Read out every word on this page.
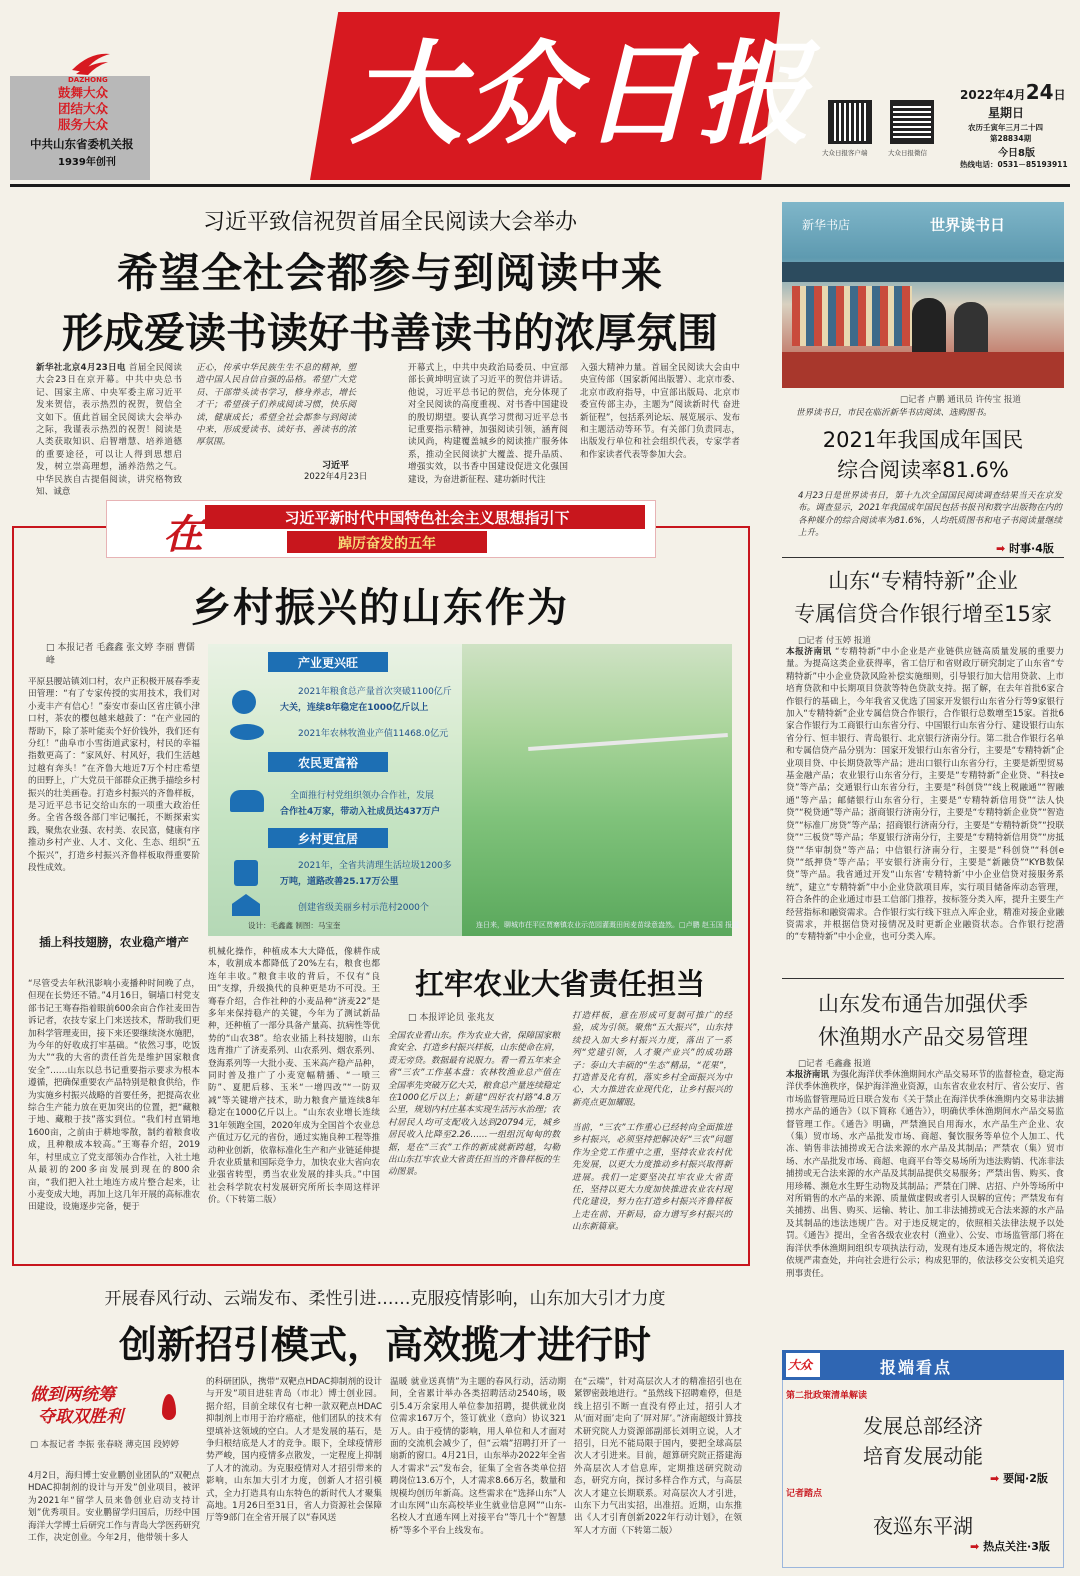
DAZHONG
鼓舞大众
团结大众
服务大众
中共山东省委机关报
1939年创刊
大众日报 大众日报客户端	大众日报微信
2022年4月24日
星期日
农历壬寅年三月二十四
第28834期
今日8版
热线电话：0531－85193911
习近平致信祝贺首届全民阅读大会举办
希望全社会都参与到阅读中来
形成爱读书读好书善读书的浓厚氛围
新华社北京4月23日电 首届全民阅读大会23日在京开幕。中共中央总书记、国家主席、中央军委主席习近平发来贺信，表示热烈的祝贺，贺信全文如下。值此首届全民阅读大会举办之际，我谨表示热烈的祝贺！阅读是人类获取知识、启智增慧、培养道德的重要途径，可以让人得到思想启发，树立崇高理想，涵养浩然之气。中华民族自古提倡阅读，讲究格物致知、诚意
正心，传承中华民族生生不息的精神，塑造中国人民自信自强的品格。希望广大党员、干部带头读书学习，修身养志，增长才干；希望孩子们养成阅读习惯，快乐阅读，健康成长；希望全社会都参与到阅读中来，形成爱读书、读好书、善读书的浓厚氛围。
习近平
2022年4月23日
开幕式上，中共中央政治局委员、中宣部部长黄坤明宣读了习近平的贺信并讲话。他说，习近平总书记的贺信，充分体现了对全民阅读的高度重视、对书香中国建设的殷切期望。要认真学习贯彻习近平总书记重要指示精神，加强阅读引领，涵育阅读风尚，构建覆盖城乡的阅读推广服务体系，推动全民阅读扩大覆盖、提升品质、增强实效，以书香中国建设促进文化强国建设，为奋进新征程、建功新时代注
入强大精神力量。首届全民阅读大会由中央宣传部（国家新闻出版署）、北京市委、北京市政府指导，中宣部出版局、北京市委宣传部主办，主题为“阅读新时代 奋进新征程”，包括系列论坛、展览展示、发布和主题活动等环节。有关部门负责同志，出版发行单位和社会组织代表，专家学者和作家读者代表等参加大会。
世界读书日
新华书店
□记者 卢鹏 通讯员 许传宝 报道
世界读书日，市民在临沂新华书店阅读、选购图书。
2021年我国成年国民
综合阅读率81.6%
4月23日是世界读书日，第十九次全国国民阅读调查结果当天在京发布。调查显示，2021年我国成年国民包括书报刊和数字出版物在内的各种媒介的综合阅读率为81.6%，人均纸质图书和电子书阅读量继续上升。
➡ 时事·4版
在	习近平新时代中国特色社会主义思想指引下
踔厉奋发的五年
乡村振兴的山东作为
□ 本报记者 毛鑫鑫 张文婷 李丽 曹儒峰
平原县腰站镇刘口村，农户正积极开展春季麦田管理：“有了专家传授的实用技术，我们对小麦丰产有信心！”泰安市泰山区省庄镇小津口村，茶农的樱包越来越鼓了：“在产业园的帮助下，除了茶叶能卖个好价钱外，我们还有分红！”曲阜市小雪街道武家村，村民的幸福指数更高了：“家风好、村风好，我们生活越过越有奔头！”在齐鲁大地近7万个村庄希望的田野上，广大党员干部群众正携手描绘乡村振兴的壮美画卷。打造乡村振兴的齐鲁样板，是习近平总书记交给山东的一项重大政治任务。全省各级各部门牢记嘱托，不断探索实践，聚焦农业强、农村美、农民富，健康有序推动乡村产业、人才、文化、生态、组织“五个振兴”，打造乡村振兴齐鲁样板取得重要阶段性成效。
插上科技翅膀，农业稳产增产
“尽管受去年秋汛影响小麦播种时间晚了点，但现在长势还不错。”4月16日，铜墙口村党支部书记王骞春指着眼前600余亩合作社麦田告诉记者，农技专家上门来送技术，帮助我们更加科学管理麦田，接下来还要继续浇水施肥，为今年的好收成打牢基础。“依然习事，吃饭为大”“我的大省的责任首先是维护国家粮食安全”……山东以总书记重要指示要求为根本遵循，把确保重要农产品特别是粮食供给，作为实施乡村振兴战略的首要任务，把提高农业综合生产能力放在更加突出的位置，把“藏粮于地、藏粮于技”落实到位。“我们村直销地1600亩，之前由于耕地零散，制约着粮食收成，且种粮成本较高。”王骞春介绍，2019年，村里成立了党支部领办合作社，入社土地从最初的200多亩发展到现在的800余亩，“我们把入社土地连方成片整合起来，让小麦变成大地，再加上这几年开展的高标准农田建设，设施逐步完备，便于
机械化操作，种植成本大大降低，像耕作成本，收割成本都降低了20%左右，粮食也都连年丰收。”粮食丰收的背后，不仅有“良田”支撑，升级换代的良种更是功不可没。王骞春介绍，合作社种的小麦品种“济麦22”是多年来保持稳产的关键，今年为了测试新品种，还种植了一部分具备产量高、抗病性等优势的“山农38”。给农业插上科技翅膀，山东选育推广了济麦系列、山农系列、烟农系列、登海系列等一大批小麦、玉米高产稳产品种，同时普及推广了小麦宽幅精播、“一喷三防”、夏肥后移、玉米“一增四改”“一防双减”等关键增产技术，助力粮食产量连续8年稳定在1000亿斤以上。“山东农业增长连续31年领跑全国，2020年成为全国首个农业总产值过万亿元的省份，通过实施良种工程等推动种业创新，依靠标准化生产和产业链延伸提升农业质量和国际竞争力，加快农业大省向农业强省转型，勇当农业发展的排头兵。”中国社会科学院农村发展研究所所长李周这样评价。（下转第二版）
产业更兴旺
2021年粮食总产量首次突破1100亿斤
大关，连续8年稳定在1000亿斤以上
2021年农林牧渔业产值11468.0亿元
农民更富裕
全面推行村党组织领办合作社，发展
合作社4万家，带动入社成员达437万户
乡村更宜居
2021年，全省共清理生活垃圾1200多
万吨，道路改善25.17万公里
创建省级美丽乡村示范村2000个
设计：毛鑫鑫 制图：马宝奎	连日来，聊城市茌平区贾寨镇农业示范园灌溉田间麦苗绿意盎然。□卢鹏 赵玉国 报道
扛牢农业大省责任担当
□ 本报评论员 张兆友
全国农业看山东。作为农业大省，保障国家粮食安全、打造乡村振兴样板，山东使命在肩，责无旁贷。数据最有说服力。看一看五年来全省“三农”工作基本盘：农林牧渔业总产值在全国率先突破万亿大关，粮食总产量连续稳定在1000亿斤以上；新建“四好农村路”4.8万公里，规划内村庄基本实现生活污水治理；农村居民人均可支配收入达到20794元，城乡居民收入比降至2.26……一组组沉甸甸的数据，是在“三农”工作的新成就新跨越，勾勒出山东扛牢农业大省责任担当的齐鲁样板的生动图景。
打造样板，意在形成可复制可推广的经验，成为引领。聚焦“五大振兴”，山东持续投入加大乡村振兴力度，落出了一系列“党建引领，人才聚产业兴”的成功路子：泰山大丰硕的“生态”精品，“花果”，打造普及化有机，落实乡村全面振兴为中心，大力推进农业现代化，让乡村振兴的新亮点更加耀眼。
当前，“三农”工作重心已经转向全面推进乡村振兴，必须坚持把解决好“三农”问题作为全党工作重中之重，坚持农业农村优先发展，以更大力度推动乡村振兴取得新进展。我们一定要坚决扛牢农业大省责任，坚持以更大力度加快推进农业农村现代化建设，努力在打造乡村振兴齐鲁样板上走在前、开新局，奋力谱写乡村振兴的山东新篇章。
山东“专精特新”企业
专属信贷合作银行增至15家
□记者 付玉婷 报道
本报济南讯 “专精特新”中小企业是产业链供应链高质量发展的重要力量。为提高这类企业获得率，省工信厅和省财政厅研究制定了山东省“专精特新”中小企业贷款风险补偿实施细则，引导银行加大信用贷款、上市培育贷款和中长期项目贷款等特色贷款支持。据了解，在去年首批6家合作银行的基础上，今年我省又优选了国家开发银行山东省分行等9家银行加入“专精特新”企业专属信贷合作银行，合作银行总数增至15家。首批6家合作银行为工商银行山东省分行、中国银行山东省分行、建设银行山东省分行、恒丰银行、青岛银行、北京银行济南分行。第二批合作银行名单和专属信贷产品分别为：国家开发银行山东省分行，主要是“专精特新”企业项目贷、中长期贷款等产品；进出口银行山东省分行，主要是新型贸易基金融产品；农业银行山东省分行，主要是“专精特新”企业贷、“科技e贷”等产品；交通银行山东省分行，主要是“科创贷”“线上税融通”“智融通”等产品；邮储银行山东省分行，主要是“专精特新信用贷”“法人快贷”“税贷通”等产品；浙商银行济南分行，主要是“专精特新企业贷”“智造贷”“标准厂房贷”等产品；招商银行济南分行，主要是“专精特新贷”“投联贷”“三板贷”等产品；华夏银行济南分行，主要是“专精特新信用贷”“房抵贷”“华审制贷”等产品；中信银行济南分行，主要是“科创贷”“科创e贷”“纸押贷”等产品；平安银行济南分行，主要是“新融贷”“KYB数保贷”等产品。我省通过开发“山东省‘专精特新’中小企业信贷对接服务系统”，建立“专精特新”中小企业贷款项目库，实行项目储备库动态管理，符合条件的企业通过市县工信部门推荐，按标签分类入库，提升主要生产经营指标和融资需求。合作银行实行线下驻点入库企业，精准对接企业融资需求，并根据信贷对接情况及时更新企业融资状态。合作银行挖潜的“专精特新”中小企业，也可分类入库。
山东发布通告加强伏季
休渔期水产品交易管理
□记者 毛鑫鑫 报道
本报济南讯 为强化海洋伏季休渔期间水产品交易环节的监督检查，稳定海洋伏季休渔秩序，保护海洋渔业资源，山东省农业农村厅、省公安厅、省市场监督管理局近日联合发布《关于禁止在海洋伏季休渔期内交易非法捕捞水产品的通告》（以下简称《通告》），明确伏季休渔期间水产品交易监督管理工作。《通告》明确，严禁渔民自用海水，水产品生产企业、农（集）贸市场、水产品批发市场、商超、餐饮服务等单位个人加工、代冻、销售非法捕捞或无合法来源的水产品及其制品；严禁农（集）贸市场、水产品批发市场、商超、电商平台等交易场所为违法购销、代冻非法捕捞或无合法来源的水产品及其制品提供交易服务；严禁出售、购买、食用珍稀、濒危水生野生动物及其制品；严禁在门牌、店招、户外等场所中对所销售的水产品的来源、质量做虚假或者引人误解的宣传；严禁发布有关捕捞、出售、购买、运输、转让、加工非法捕捞或无合法来源的水产品及其制品的违法违规广告。对于违反规定的，依照相关法律法规予以处罚。《通告》提出，全省各级农业农村（渔业）、公安、市场监管部门将在海洋伏季休渔期间组织专项执法行动，发现有违反本通告规定的，将依法依规严肃查处，并向社会进行公示；构成犯罪的，依法移交公安机关追究刑事责任。
开展春风行动、云端发布、柔性引进……克服疫情影响，山东加大引才力度
创新招引模式，高效揽才进行时
做到两统筹
夺取双胜利
□ 本报记者 李振 张春晓 薄克国 段婷婷
4月2日，海归博士安业鹏创业团队的“双靶点HDAC抑制剂的设计与开发”创业项目，被评为2021年“留学人员来鲁创业启动支持计划”优秀项目。安业鹏留学归国后，历经中国海洋大学博士后研究工作与青岛大学医药研究工作，决定创业。今年2月，他带领十多人
的科研团队，携带“双靶点HDAC抑制剂的设计与开发”项目进驻青岛（市北）博士创业园。据介绍，目前全球仅有七种一款双靶点HDAC抑制剂上市用于治疗癌症，他们团队的技术有望填补这领域的空白。人才是发展的基石，是争归根结底是人才的竞争。眼下，全球疫情形势严峻，国内疫情多点散发，一定程度上抑制了人才的流动。为克服疫情对人才招引带来的影响，山东加大引才力度，创新人才招引模式，全力打造具有山东特色的新时代人才聚集高地。1月26日至31日，省人力资源社会保障厅等9部门在全省开展了以“春风送
温暖 就业送真情”为主题的春风行动，活动期间，全省累计举办各类招聘活动2540场，吸引5.4万余家用人单位参加招聘，提供就业岗位需求167万个，签订就业（意向）协议321万人。由于疫情的影响，用人单位和人才面对面的交流机会减少了，但“云端”招聘打开了一扇新的窗口。4月21日，山东举办2022年全省人才需求“云”发布会，征集了全省各类单位招聘岗位13.6万个，人才需求8.66万名，数量和规模均创历年新高。这些需求在“选择山东”人才山东网“山东高校毕业生就业信息网”“山东-名校人才直通车网上对接平台”等几十个“智慧桥”等多个平台上线发布。
在“云端”，针对高层次人才的精准招引也在紧锣密鼓地进行。“虽然线下招聘难停，但是线上招引不断一直没有停止过，招引人才从‘面对面’走向了‘屏对屏’。”济南超级计算技术研究院人力资源部副部长刘明立说，人才招引，日光不能局限于国内，要把全球高层次人才引进来。目前，超算研究院正搭建海外高层次人才信息库，定期推送研究院动态，研究方向，探讨多样合作方式，与高层次人才建立长期联系。对高层次人才引进，山东下力气出实招，出准招。近期，山东推出《人才引育创新2022年行动计划》，在领军人才方面（下转第二版）
大众	报端看点
第二批政策清单解读
发展总部经济
培育发展动能
➡ 要闻·2版
记者踏点
夜巡东平湖
➡ 热点关注·3版
